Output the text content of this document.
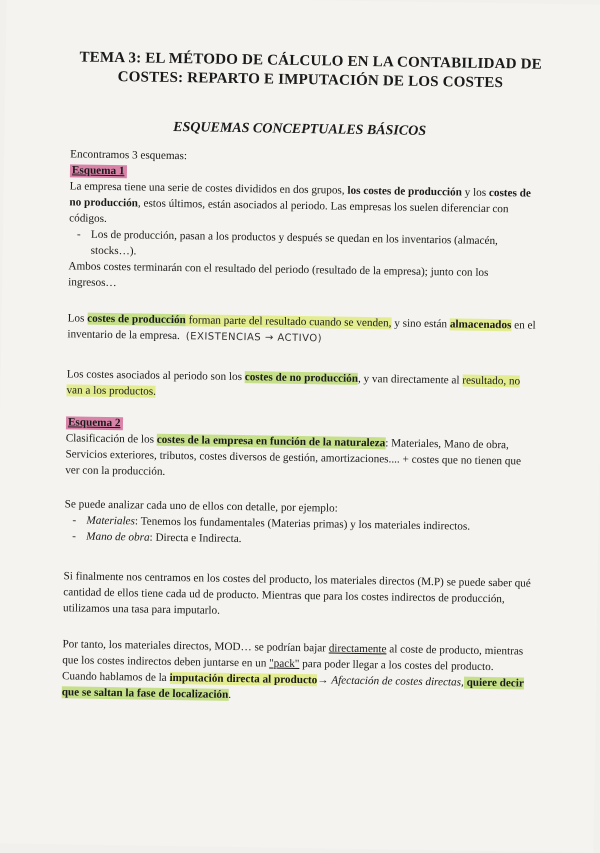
TEMA 3: EL MÉTODO DE CÁLCULO EN LA CONTABILIDAD DE
COSTES: REPARTO E IMPUTACIÓN DE LOS COSTES
ESQUEMAS CONCEPTUALES BÁSICOS

Encontramos 3 esquemas:

Esquema 1

La empresa tiene una serie de costes divididos en dos grupos, los costes de producción y los costes de no producción, estos últimos, están asociados al periodo. Las empresas los suelen diferenciar con códigos.

- Los de producción, pasan a los productos y después se quedan en los inventarios (almacén, stocks…).

Ambos costes terminarán con el resultado del periodo (resultado de la empresa); junto con los ingresos…

Los costes de producción forman parte del resultado cuando se venden, y sino están almacenados en el inventario de la empresa. (EXISTENCIAS → ACTIVO)

Los costes asociados al periodo son los costes de no producción, y van directamente al resultado, no van a los productos.

Esquema 2

Clasificación de los costes de la empresa en función de la naturaleza: Materiales, Mano de obra, Servicios exteriores, tributos, costes diversos de gestión, amortizaciones.... + costes que no tienen que ver con la producción.

Se puede analizar cada uno de ellos con detalle, por ejemplo:

- Materiales: Tenemos los fundamentales (Materias primas) y los materiales indirectos.
- Mano de obra: Directa e Indirecta.
Si finalmente nos centramos en los costes del producto, los materiales directos (M.P) se puede saber qué cantidad de ellos tiene cada ud de producto. Mientras que para los costes indirectos de producción, utilizamos una tasa para imputarlo.

Por tanto, los materiales directos, MOD… se podrían bajar directamente al coste de producto, mientras que los costes indirectos deben juntarse en un "pack" para poder llegar a los costes del producto.

Cuando hablamos de la imputación directa al producto→ Afectación de costes directas, quiere decir que se saltan la fase de localización.
